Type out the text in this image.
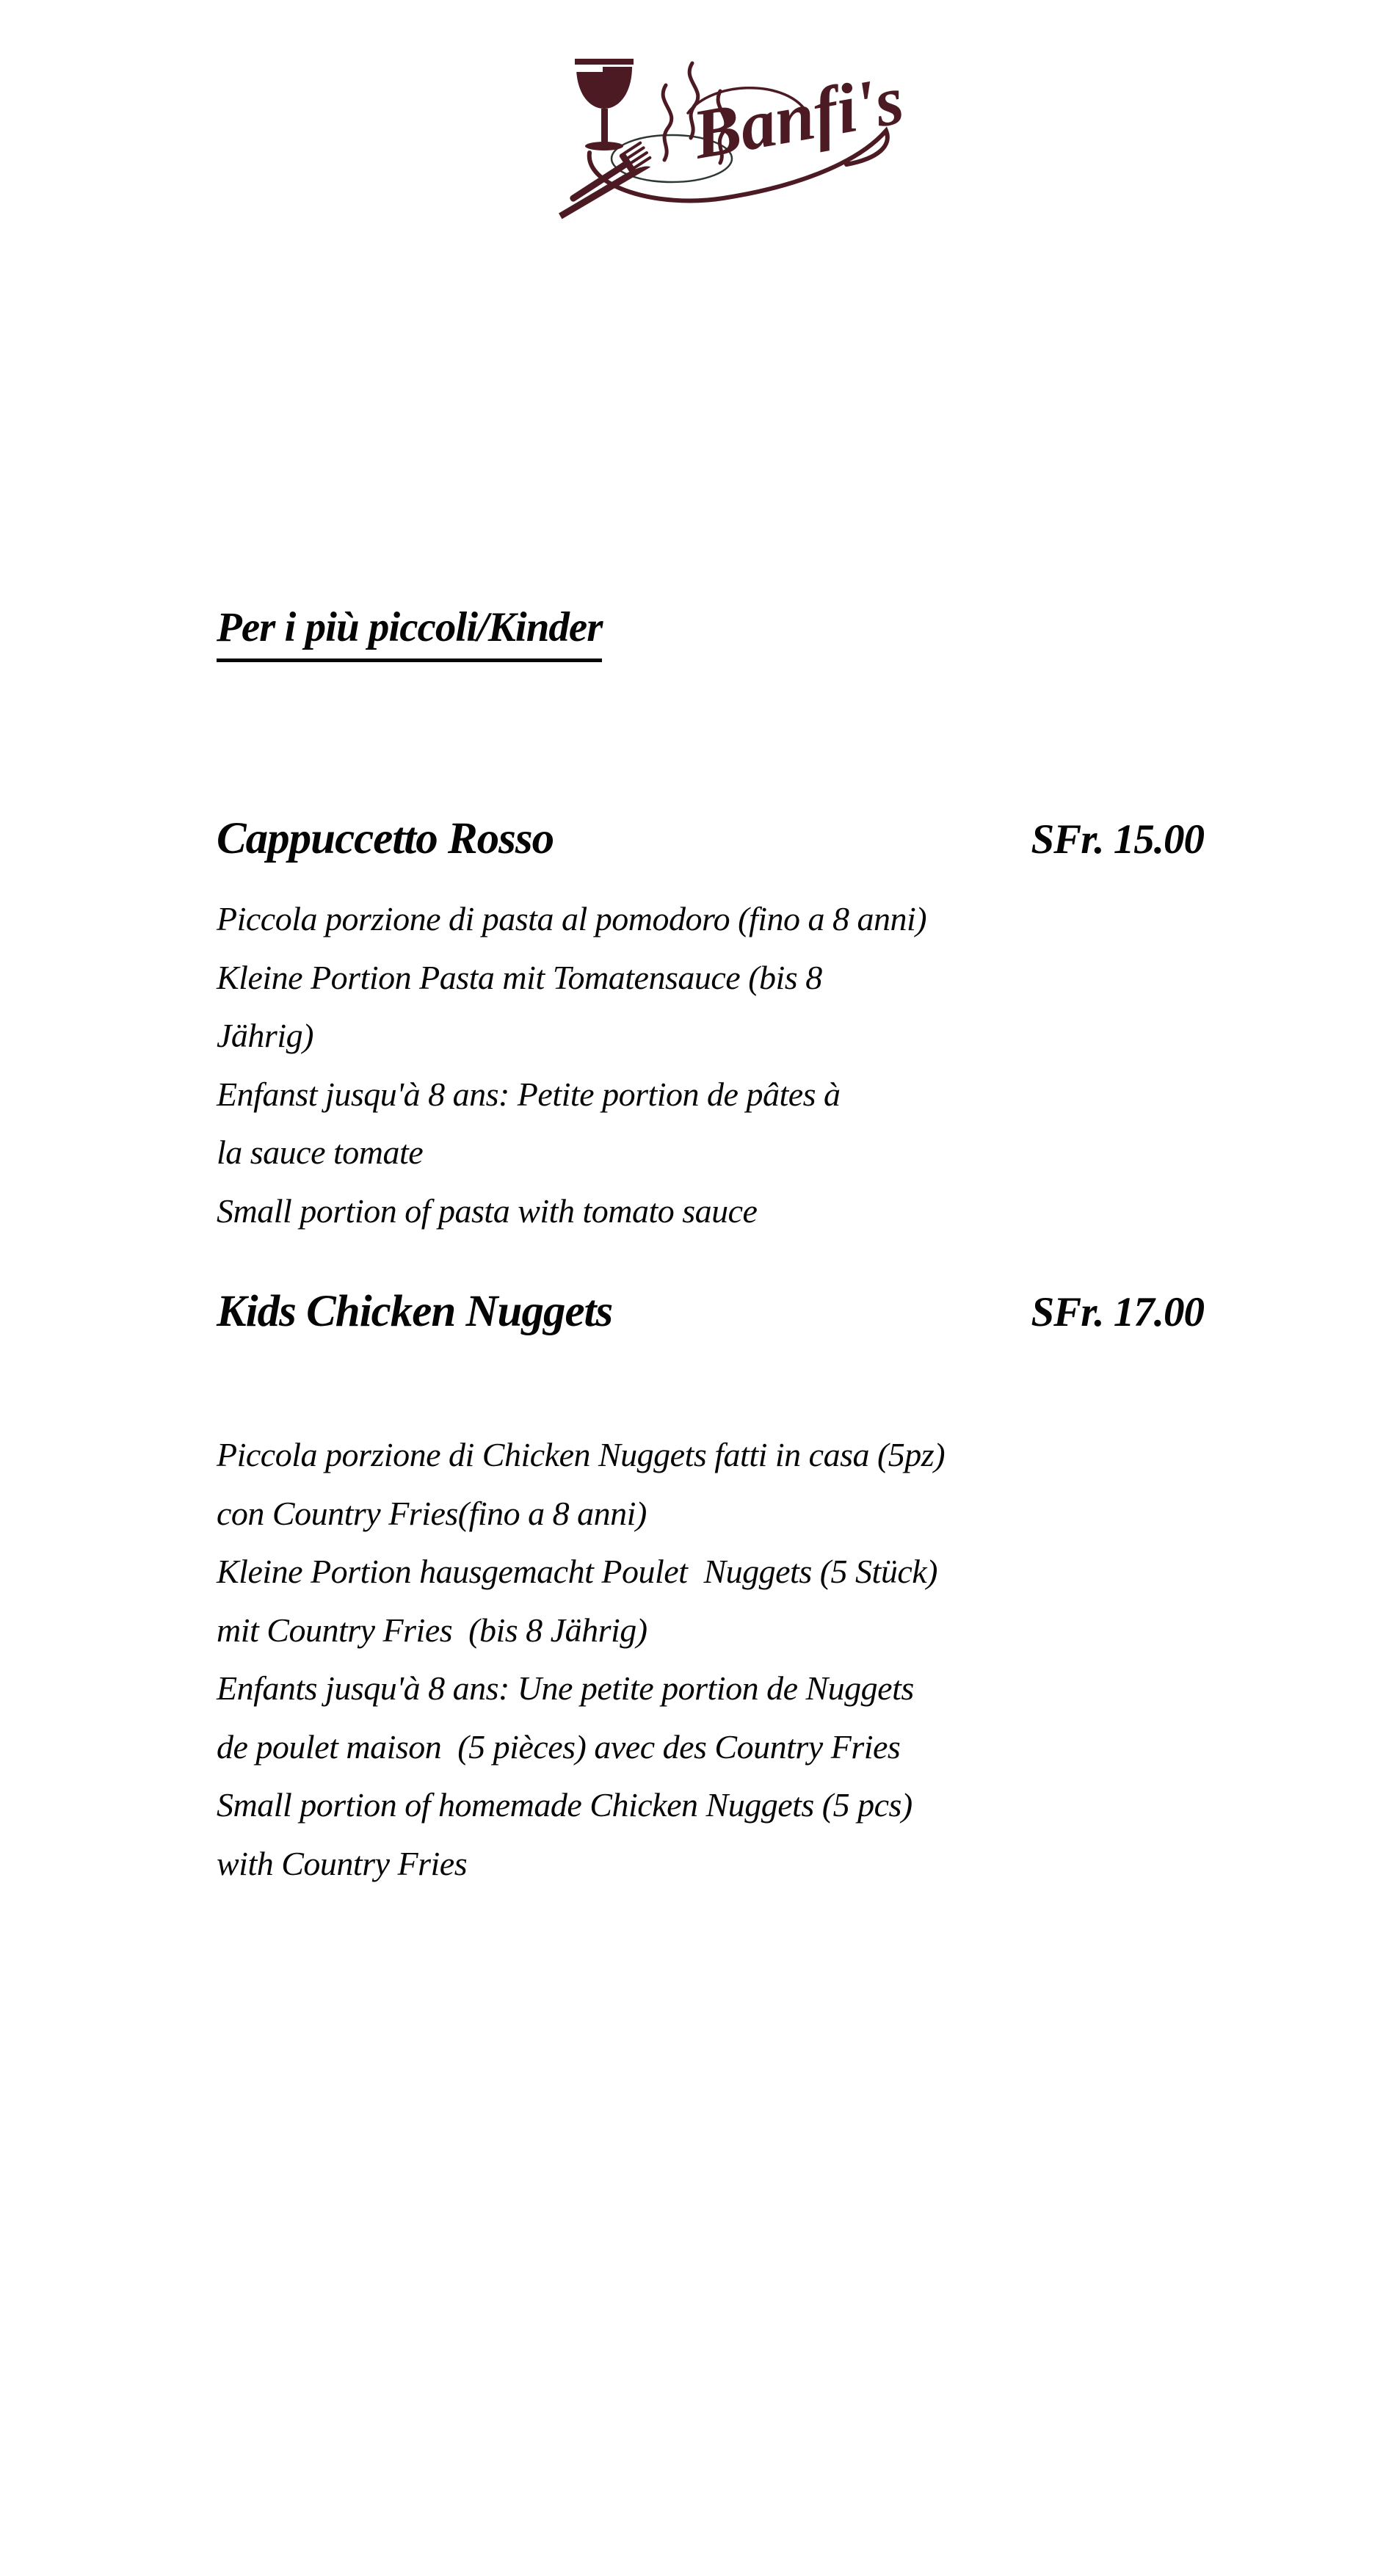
Banfi's
Per i più piccoli/Kinder
Cappuccetto Rosso	SFr. 15.00
Piccola porzione di pasta al pomodoro (fino a 8 anni)
Kleine Portion Pasta mit Tomatensauce (bis 8
Jährig)
Enfanst jusqu'à 8 ans: Petite portion de pâtes à
la sauce tomate
Small portion of pasta with tomato sauce
Kids Chicken Nuggets	SFr. 17.00
Piccola porzione di Chicken Nuggets fatti in casa (5pz)
con Country Fries(fino a 8 anni)
Kleine Portion hausgemacht Poulet  Nuggets (5 Stück)
mit Country Fries  (bis 8 Jährig)
Enfants jusqu'à 8 ans: Une petite portion de Nuggets
de poulet maison  (5 pièces) avec des Country Fries
Small portion of homemade Chicken Nuggets (5 pcs)
with Country Fries
